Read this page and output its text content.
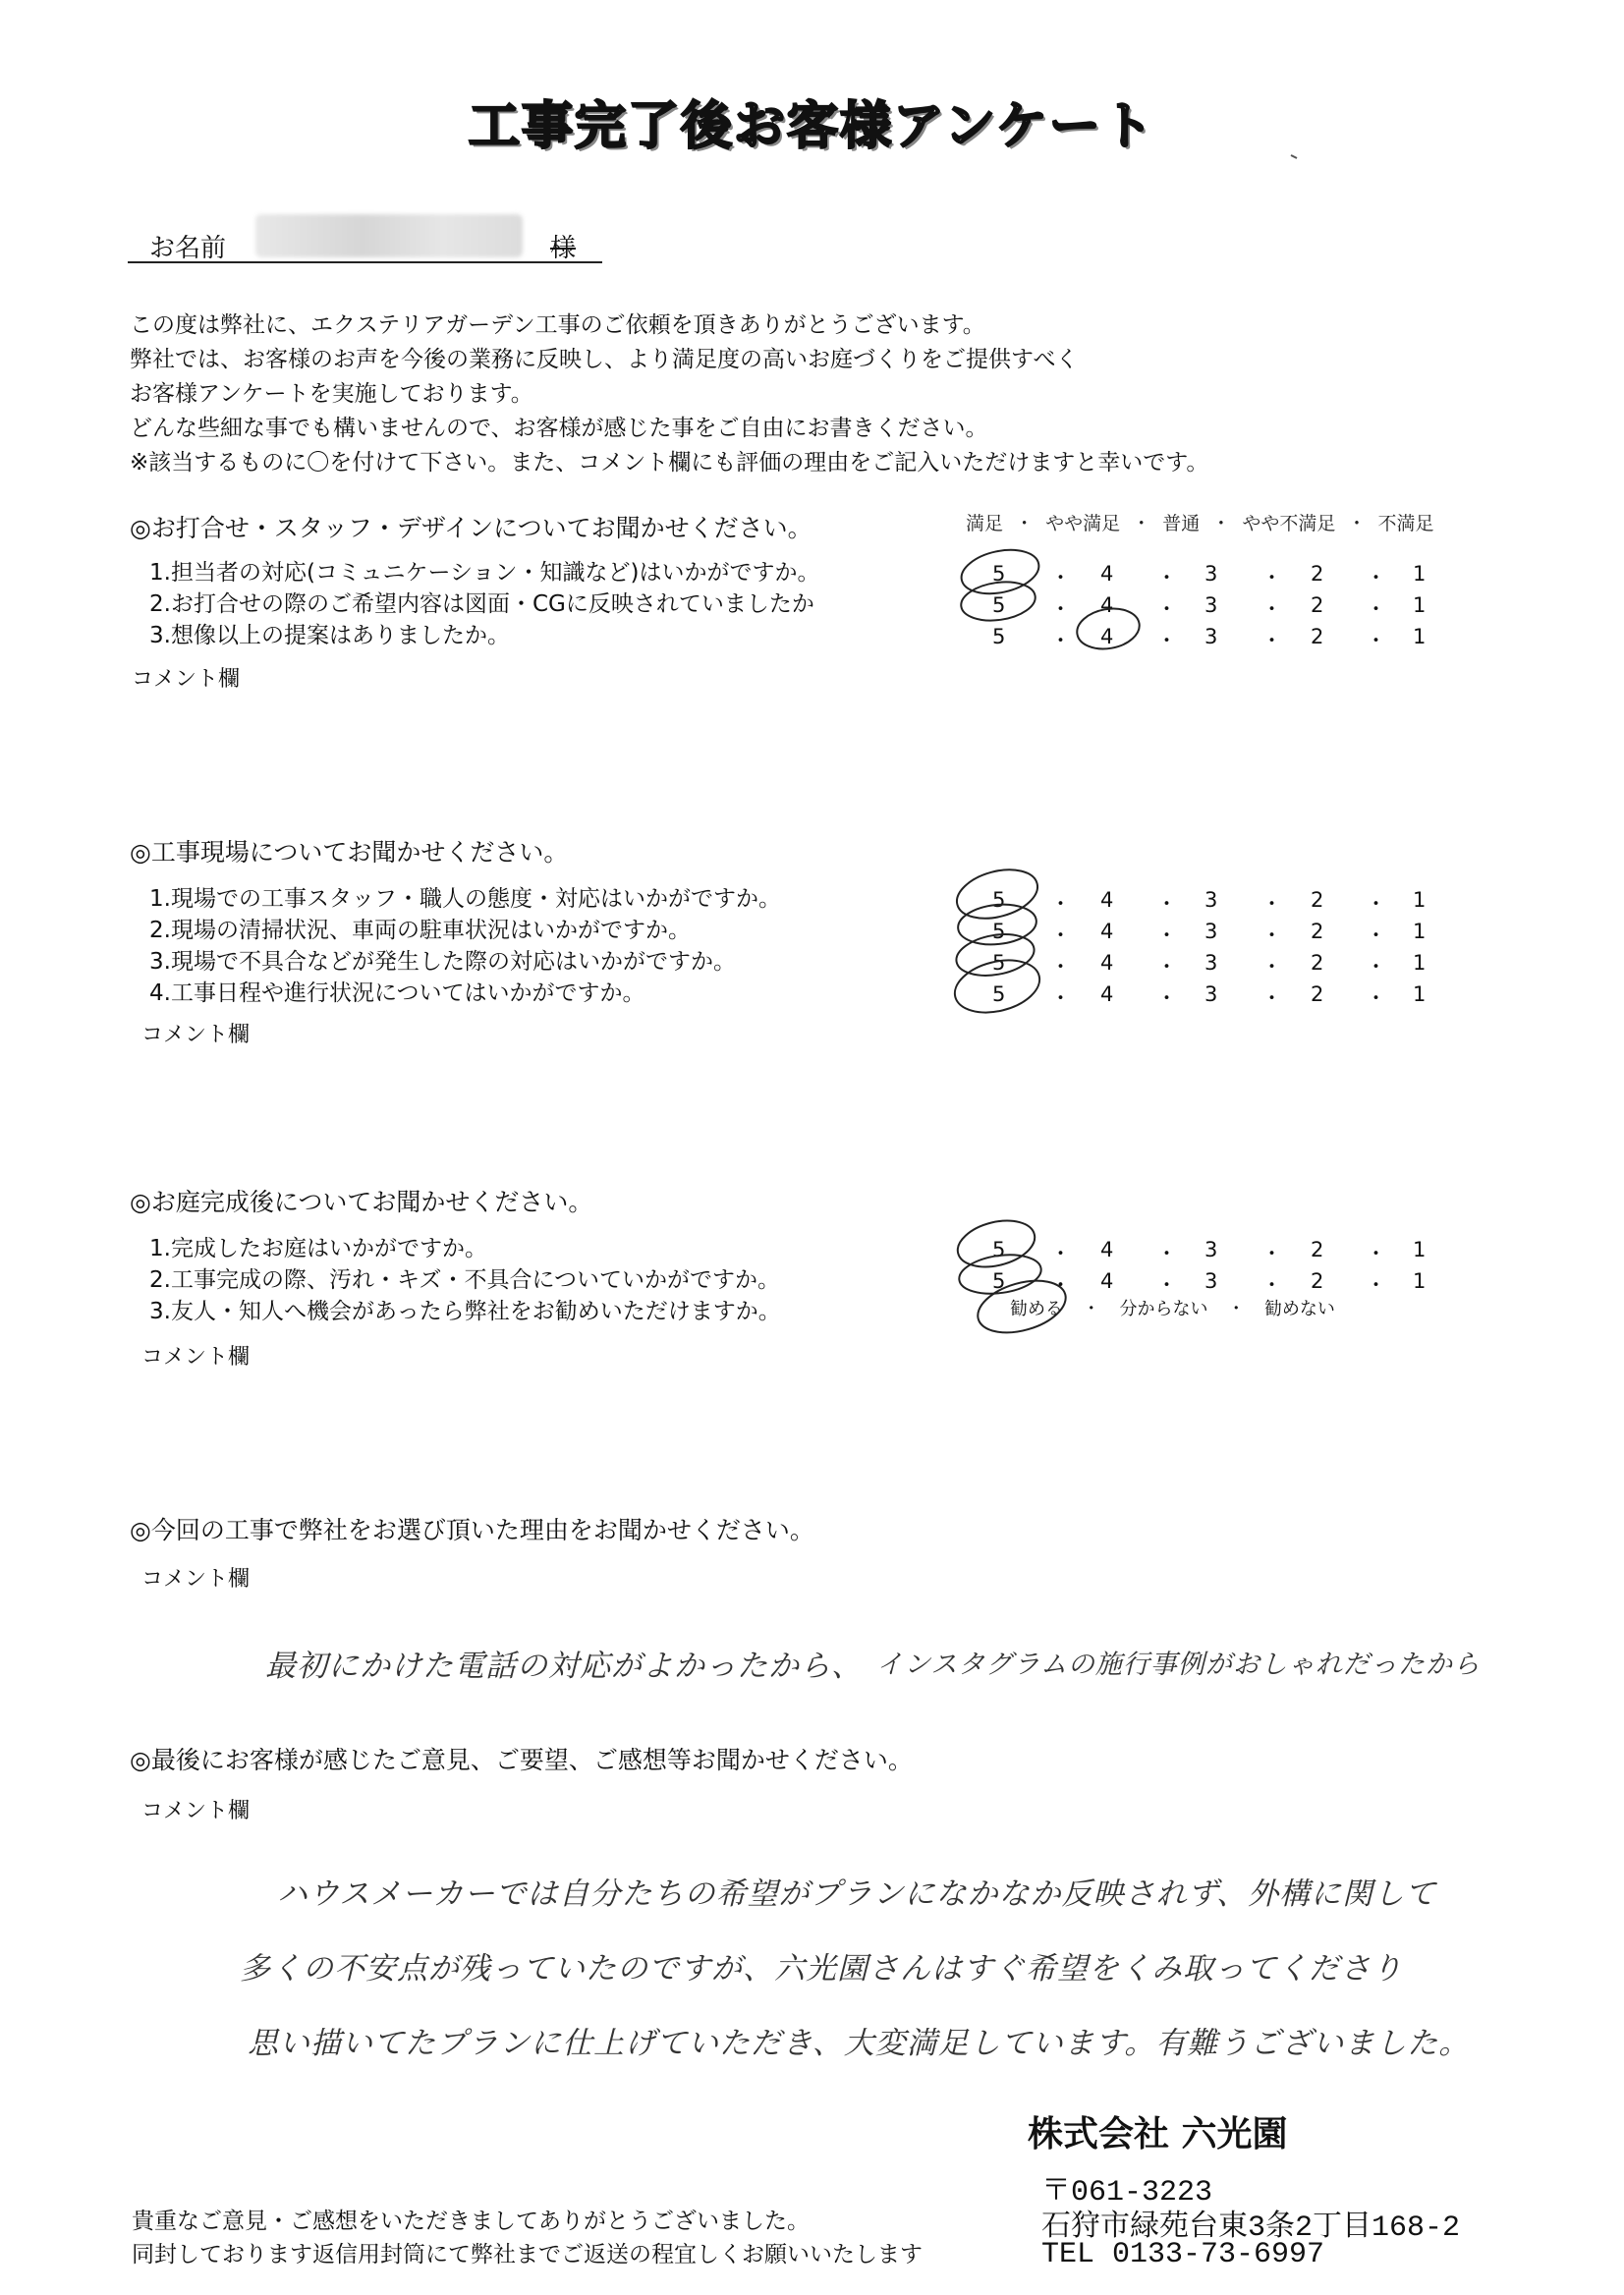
工事完了後お客様アンケート
お名前	様
この度は弊社に、エクステリアガーデン工事のご依頼を頂きありがとうございます。
弊社では、お客様のお声を今後の業務に反映し、より満足度の高いお庭づくりをご提供すべく
お客様アンケートを実施しております。
どんな些細な事でも構いませんので、お客様が感じた事をご自由にお書きください。
※該当するものに〇を付けて下さい。また、コメント欄にも評価の理由をご記入いただけますと幸いです。
満足 ・ やや満足 ・ 普通 ・ やや不満足 ・ 不満足
◎お打合せ・スタッフ・デザインについてお聞かせください。
1.担当者の対応(コミュニケーション・知識など)はいかがですか。
2.お打合せの際のご希望内容は図面・CGに反映されていましたか
3.想像以上の提案はありましたか。
コメント欄
◎工事現場についてお聞かせください。
1.現場での工事スタッフ・職人の態度・対応はいかがですか。
2.現場の清掃状況、車両の駐車状況はいかがですか。
3.現場で不具合などが発生した際の対応はいかがですか。
4.工事日程や進行状況についてはいかがですか。
コメント欄
◎お庭完成後についてお聞かせください。
1.完成したお庭はいかがですか。
2.工事完成の際、汚れ・キズ・不具合についていかがですか。
3.友人・知人へ機会があったら弊社をお勧めいただけますか。
コメント欄
勧める ・ 分からない ・ 勧めない
◎今回の工事で弊社をお選び頂いた理由をお聞かせください。
コメント欄
最初にかけた電話の対応がよかったから、 インスタグラムの施行事例がおしゃれだったから
◎最後にお客様が感じたご意見、ご要望、ご感想等お聞かせください。
コメント欄
ハウスメーカーでは自分たちの希望がプランになかなか反映されず、外構に関して
多くの不安点が残っていたのですが、六光園さんはすぐ希望をくみ取ってくださり
思い描いてたプランに仕上げていただき、大変満足しています。有難うございました。
株式会社 六光園
〒061-3223
石狩市緑苑台東3条2丁目168-2
TEL 0133-73-6997
貴重なご意見・ご感想をいただきましてありがとうございました。
同封しております返信用封筒にて弊社までご返送の程宜しくお願いいたします
5 ・ 4 ・ 3 ・ 2 ・ 1
5 ・ 4 ・ 3 ・ 2 ・ 1
5 ・ 4 ・ 3 ・ 2 ・ 1
5 ・ 4 ・ 3 ・ 2 ・ 1
5 ・ 4 ・ 3 ・ 2 ・ 1
5 ・ 4 ・ 3 ・ 2 ・ 1
5 ・ 4 ・ 3 ・ 2 ・ 1
5 ・ 4 ・ 3 ・ 2 ・ 1
5 ・ 4 ・ 3 ・ 2 ・ 1
